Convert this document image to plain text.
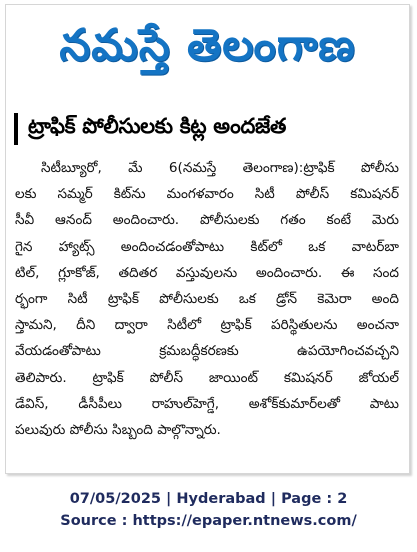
నమస్తే తెలంగాణ
ట్రాఫిక్ పోలీసులకు కిట్ల అందజేత
సిటీబ్యూరో, మే 6(నమస్తే తెలంగాణ):ట్రాఫిక్ పోలీసు
లకు సమ్మర్ కిట్‌ను మంగళవారం సిటీ పోలీస్ కమిషనర్
సీవీ ఆనంద్ అందించారు. పోలీసులకు గతం కంటే మెరు
గైన హ్యాట్స్ అందించడంతోపాటు కిట్‌లో ఒక వాటర్‌బా
టిల్, గ్లూకోజ్, తదితర వస్తువులను అందించారు. ఈ సంద
ర్భంగా సిటీ ట్రాఫిక్ పోలీసులకు ఒక డ్రోన్ కెమెరా అంది
స్తామని, దీని ద్వారా సిటీలో ట్రాఫిక్ పరిస్థితులను అంచనా
వేయడంతోపాటు క్రమబద్ధీకరణకు ఉపయోగించవచ్చని
తెలిపారు. ట్రాఫిక్ పోలీస్ జాయింట్ కమిషనర్ జోయల్
డేవిస్, డీసీపీలు రాహుల్‌హెగ్డే, అశోక్‌కుమార్‌లతో పాటు
పలువురు పోలీసు సిబ్బంది పాల్గొన్నారు.
07/05/2025 | Hyderabad | Page : 2
Source : https://epaper.ntnews.com/
